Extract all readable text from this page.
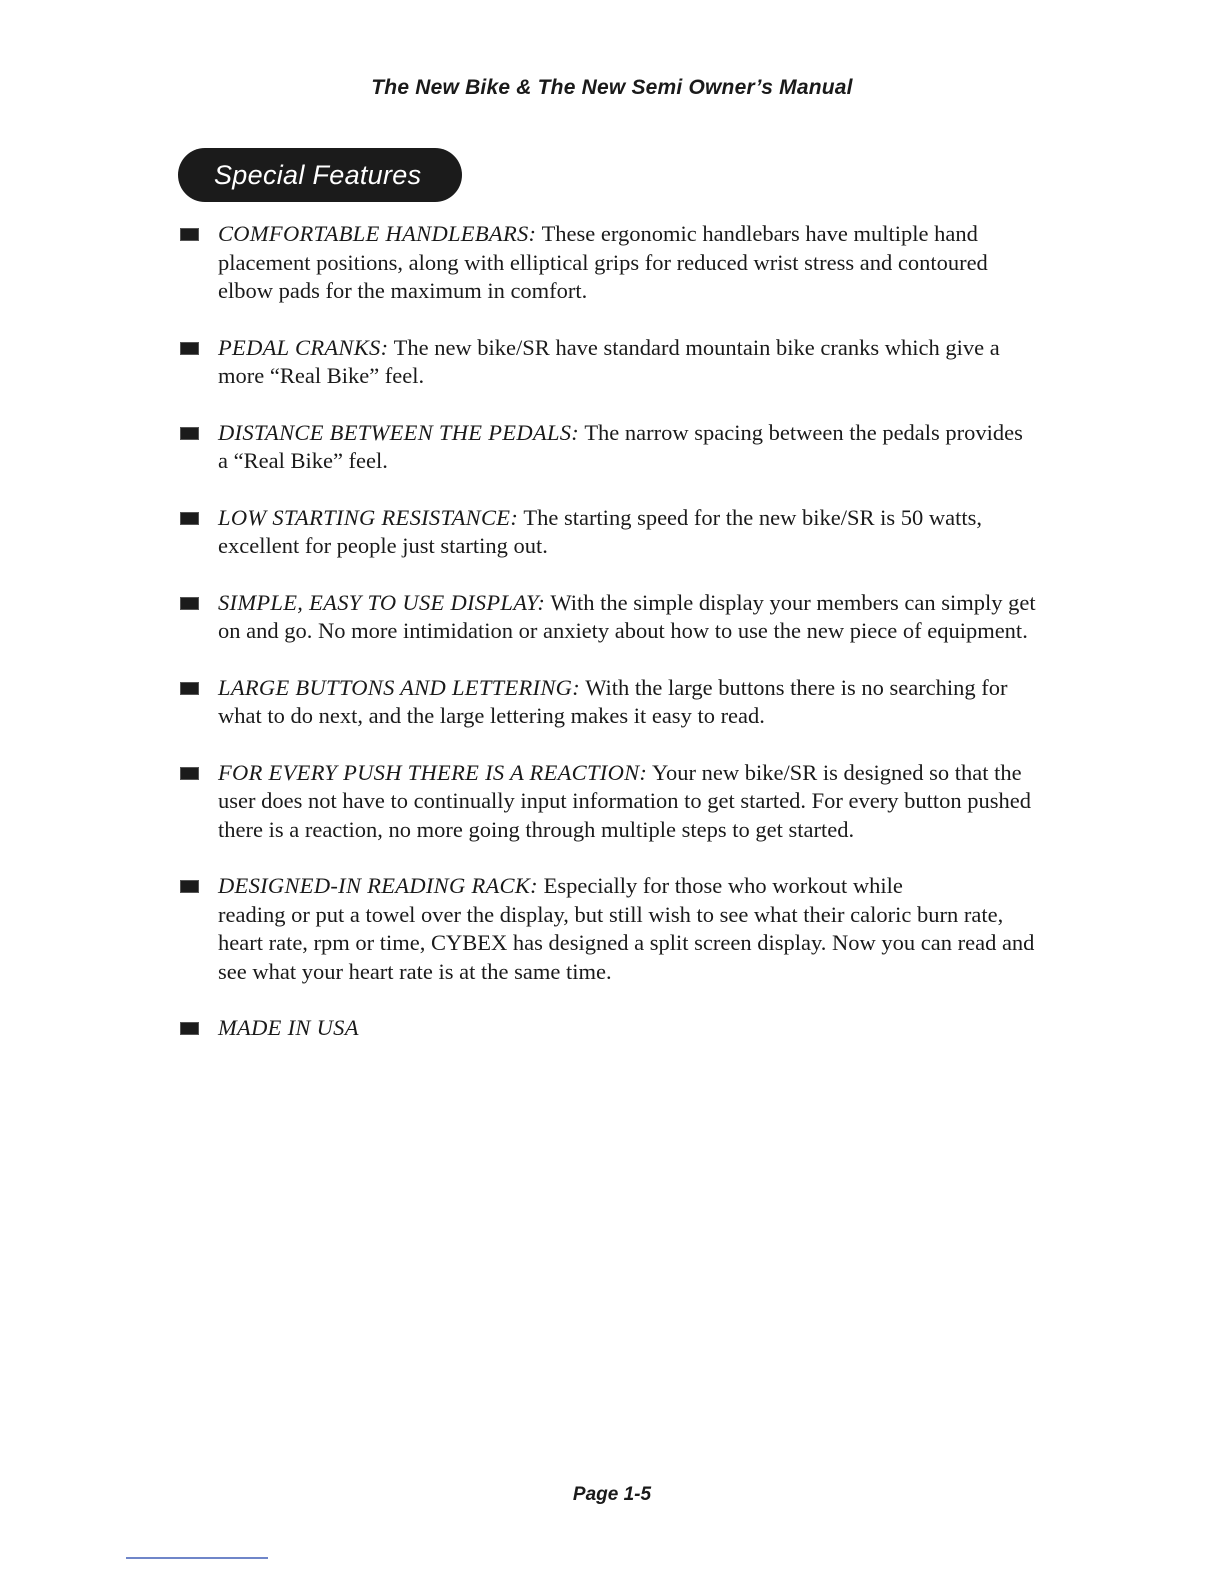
The New Bike & The New Semi Owner’s Manual
Special Features
COMFORTABLE HANDLEBARS: These ergonomic handlebars have multiple hand
placement positions, along with elliptical grips for reduced wrist stress and contoured
elbow pads for the maximum in comfort.
PEDAL CRANKS: The new bike/SR have standard mountain bike cranks which give a
more “Real Bike” feel.
DISTANCE BETWEEN THE PEDALS: The narrow spacing between the pedals provides
a “Real Bike” feel.
LOW STARTING RESISTANCE: The starting speed for the new bike/SR is 50 watts,
excellent for people just starting out.
SIMPLE, EASY TO USE DISPLAY: With the simple display your members can simply get
on and go. No more intimidation or anxiety about how to use the new piece of equipment.
LARGE BUTTONS AND LETTERING: With the large buttons there is no searching for
what to do next, and the large lettering makes it easy to read.
FOR EVERY PUSH THERE IS A REACTION: Your new bike/SR is designed so that the
user does not have to continually input information to get started. For every button pushed
there is a reaction, no more going through multiple steps to get started.
DESIGNED-IN READING RACK: Especially for those who workout while
reading or put a towel over the display, but still wish to see what their caloric burn rate,
heart rate, rpm or time, CYBEX has designed a split screen display. Now you can read and
see what your heart rate is at the same time.
MADE IN USA
Page 1-5
